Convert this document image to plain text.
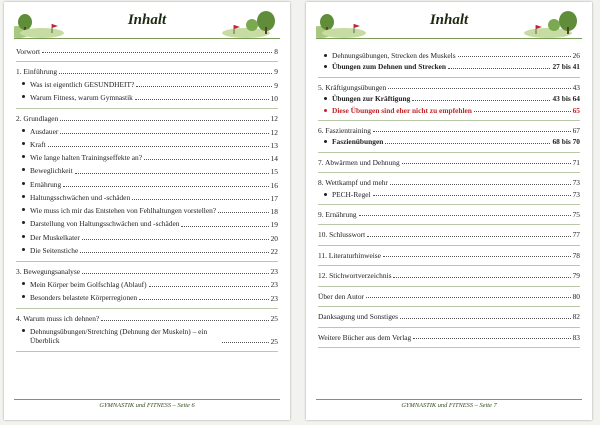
Inhalt
Vorwort	8
1. Einführung	9
Was ist eigentlich GESUNDHEIT?	9
Warum Fitness, warum Gymnastik	10
2. Grundlagen	12
Ausdauer	12
Kraft	13
Wie lange halten Trainingseffekte an?	14
Beweglichkeit	15
Ernährung	16
Haltungsschwächen und -schäden	17
Wie muss ich mir das Entstehen von Fehlhaltungen vorstellen?	18
Darstellung von Haltungsschwächen und -schäden	19
Der Muskelkater	20
Die Seitenstiche	22
3. Bewegungsanalyse	23
Mein Körper beim Golfschlag (Ablauf)	23
Besonders belastete Körperregionen	23
4. Warum muss ich dehnen?	25
Dehnungsübungen/Stretching (Dehnung der Muskeln) – ein Überblick	25
GYMNASTIK und FITNESS – Seite 6
Inhalt
Dehnungsübungen, Strecken des Muskels	26
Übungen zum Dehnen und Strecken	27 bis 41
5. Kräftigungsübungen	43
Übungen zur Kräftigung	43 bis 64
Diese Übungen sind eher nicht zu empfehlen	65
6. Faszientraining	67
Faszienübungen	68 bis 70
7. Abwärmen und Dehnung	71
8. Wettkampf und mehr	73
PECH-Regel	73
9. Ernährung	75
10. Schlusswort	77
11. Literaturhinweise	78
12. Stichwortverzeichnis	79
Über den Autor	80
Danksagung und Sonstiges	82
Weitere Bücher aus dem Verlag	83
GYMNASTIK und FITNESS – Seite 7
